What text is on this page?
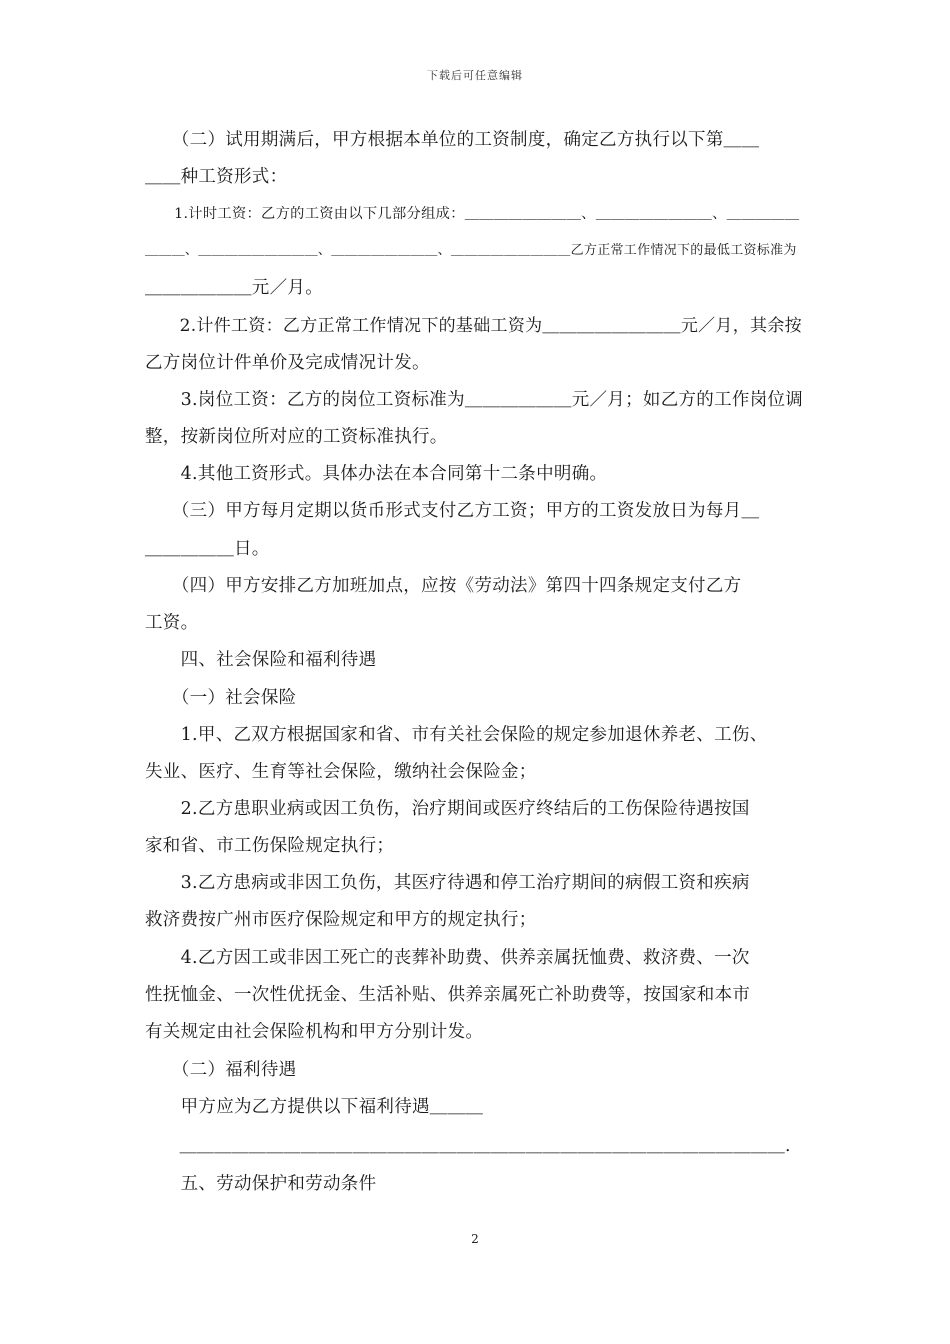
下载后可任意编辑
　　（二）试用期满后，甲方根据本单位的工资制度，确定乙方执行以下第＿＿
＿＿种工资形式：
　　1.计时工资：乙方的工资由以下几部分组成：＿＿＿＿＿＿＿＿、＿＿＿＿＿＿＿＿、＿＿＿＿＿
＿＿＿、＿＿＿＿＿＿＿＿＿、＿＿＿＿＿＿＿＿、＿＿＿＿＿＿＿＿＿乙方正常工作情况下的最低工资标准为
＿＿＿＿＿＿元／月。
　　2.计件工资：乙方正常工作情况下的基础工资为＿＿＿＿＿＿＿＿元／月，其余按
乙方岗位计件单价及完成情况计发。
　　3.岗位工资：乙方的岗位工资标准为＿＿＿＿＿＿元／月；如乙方的工作岗位调
整，按新岗位所对应的工资标准执行。
　　4.其他工资形式。具体办法在本合同第十二条中明确。
　　（三）甲方每月定期以货币形式支付乙方工资；甲方的工资发放日为每月＿
＿＿＿＿＿日。
　　（四）甲方安排乙方加班加点，应按《劳动法》第四十四条规定支付乙方
工资。
　　四、社会保险和福利待遇
　　（一）社会保险
　　1.甲、乙双方根据国家和省、市有关社会保险的规定参加退休养老、工伤、
失业、医疗、生育等社会保险，缴纳社会保险金；
　　2.乙方患职业病或因工负伤，治疗期间或医疗终结后的工伤保险待遇按国
家和省、市工伤保险规定执行；
　　3.乙方患病或非因工负伤，其医疗待遇和停工治疗期间的病假工资和疾病
救济费按广州市医疗保险规定和甲方的规定执行；
　　4.乙方因工或非因工死亡的丧葬补助费、供养亲属抚恤费、救济费、一次
性抚恤金、一次性优抚金、生活补贴、供养亲属死亡补助费等，按国家和本市
有关规定由社会保险机构和甲方分别计发。
　　（二）福利待遇
　　甲方应为乙方提供以下福利待遇＿＿＿
　　＿＿＿＿＿＿＿＿＿＿＿＿＿＿＿＿＿＿＿＿＿＿＿＿＿＿＿＿＿＿＿＿＿＿＿．
　　五、劳动保护和劳动条件
2
